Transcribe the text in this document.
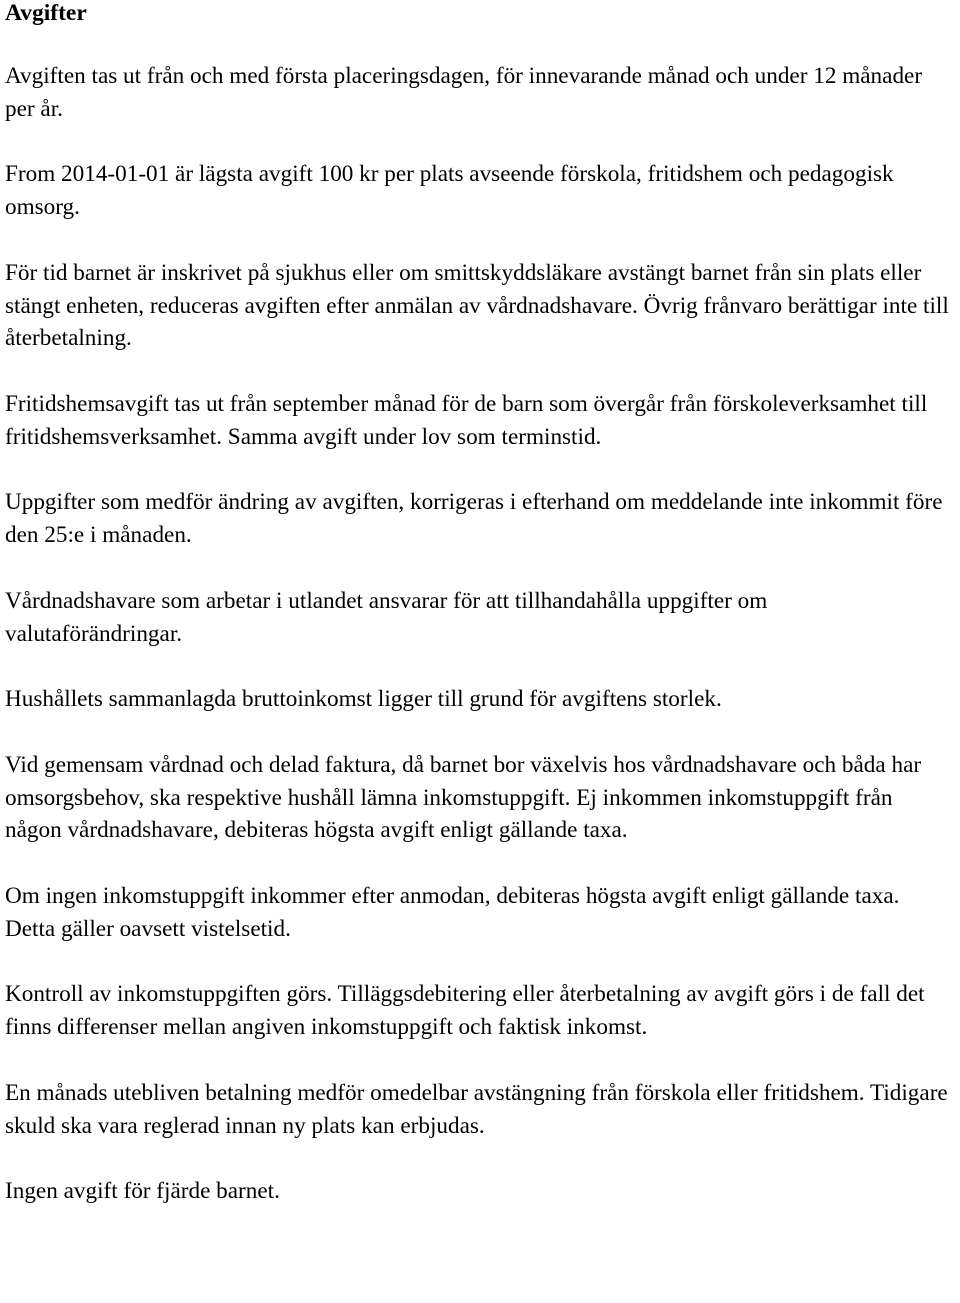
Avgifter

Avgiften tas ut från och med första placeringsdagen, för innevarande månad och under 12 månader per år.

From 2014-01-01 är lägsta avgift 100 kr per plats avseende förskola, fritidshem och pedagogisk omsorg.

För tid barnet är inskrivet på sjukhus eller om smittskyddsläkare avstängt barnet från sin plats eller stängt enheten, reduceras avgiften efter anmälan av vårdnadshavare. Övrig frånvaro berättigar inte till återbetalning.

Fritidshemsavgift tas ut från september månad för de barn som övergår från förskoleverksamhet till fritidshemsverksamhet. Samma avgift under lov som terminstid.

Uppgifter som medför ändring av avgiften, korrigeras i efterhand om meddelande inte inkommit före den 25:e i månaden.

Vårdnadshavare som arbetar i utlandet ansvarar för att tillhandahålla uppgifter om valutaförändringar.

Hushållets sammanlagda bruttoinkomst ligger till grund för avgiftens storlek.

Vid gemensam vårdnad och delad faktura, då barnet bor växelvis hos vårdnadshavare och båda har omsorgsbehov, ska respektive hushåll lämna inkomstuppgift. Ej inkommen inkomstuppgift från någon vårdnadshavare, debiteras högsta avgift enligt gällande taxa.

Om ingen inkomstuppgift inkommer efter anmodan, debiteras högsta avgift enligt gällande taxa. Detta gäller oavsett vistelsetid.

Kontroll av inkomstuppgiften görs. Tilläggsdebitering eller återbetalning av avgift görs i de fall det finns differenser mellan angiven inkomstuppgift och faktisk inkomst.

En månads utebliven betalning medför omedelbar avstängning från förskola eller fritidshem. Tidigare skuld ska vara reglerad innan ny plats kan erbjudas.

Ingen avgift för fjärde barnet.
